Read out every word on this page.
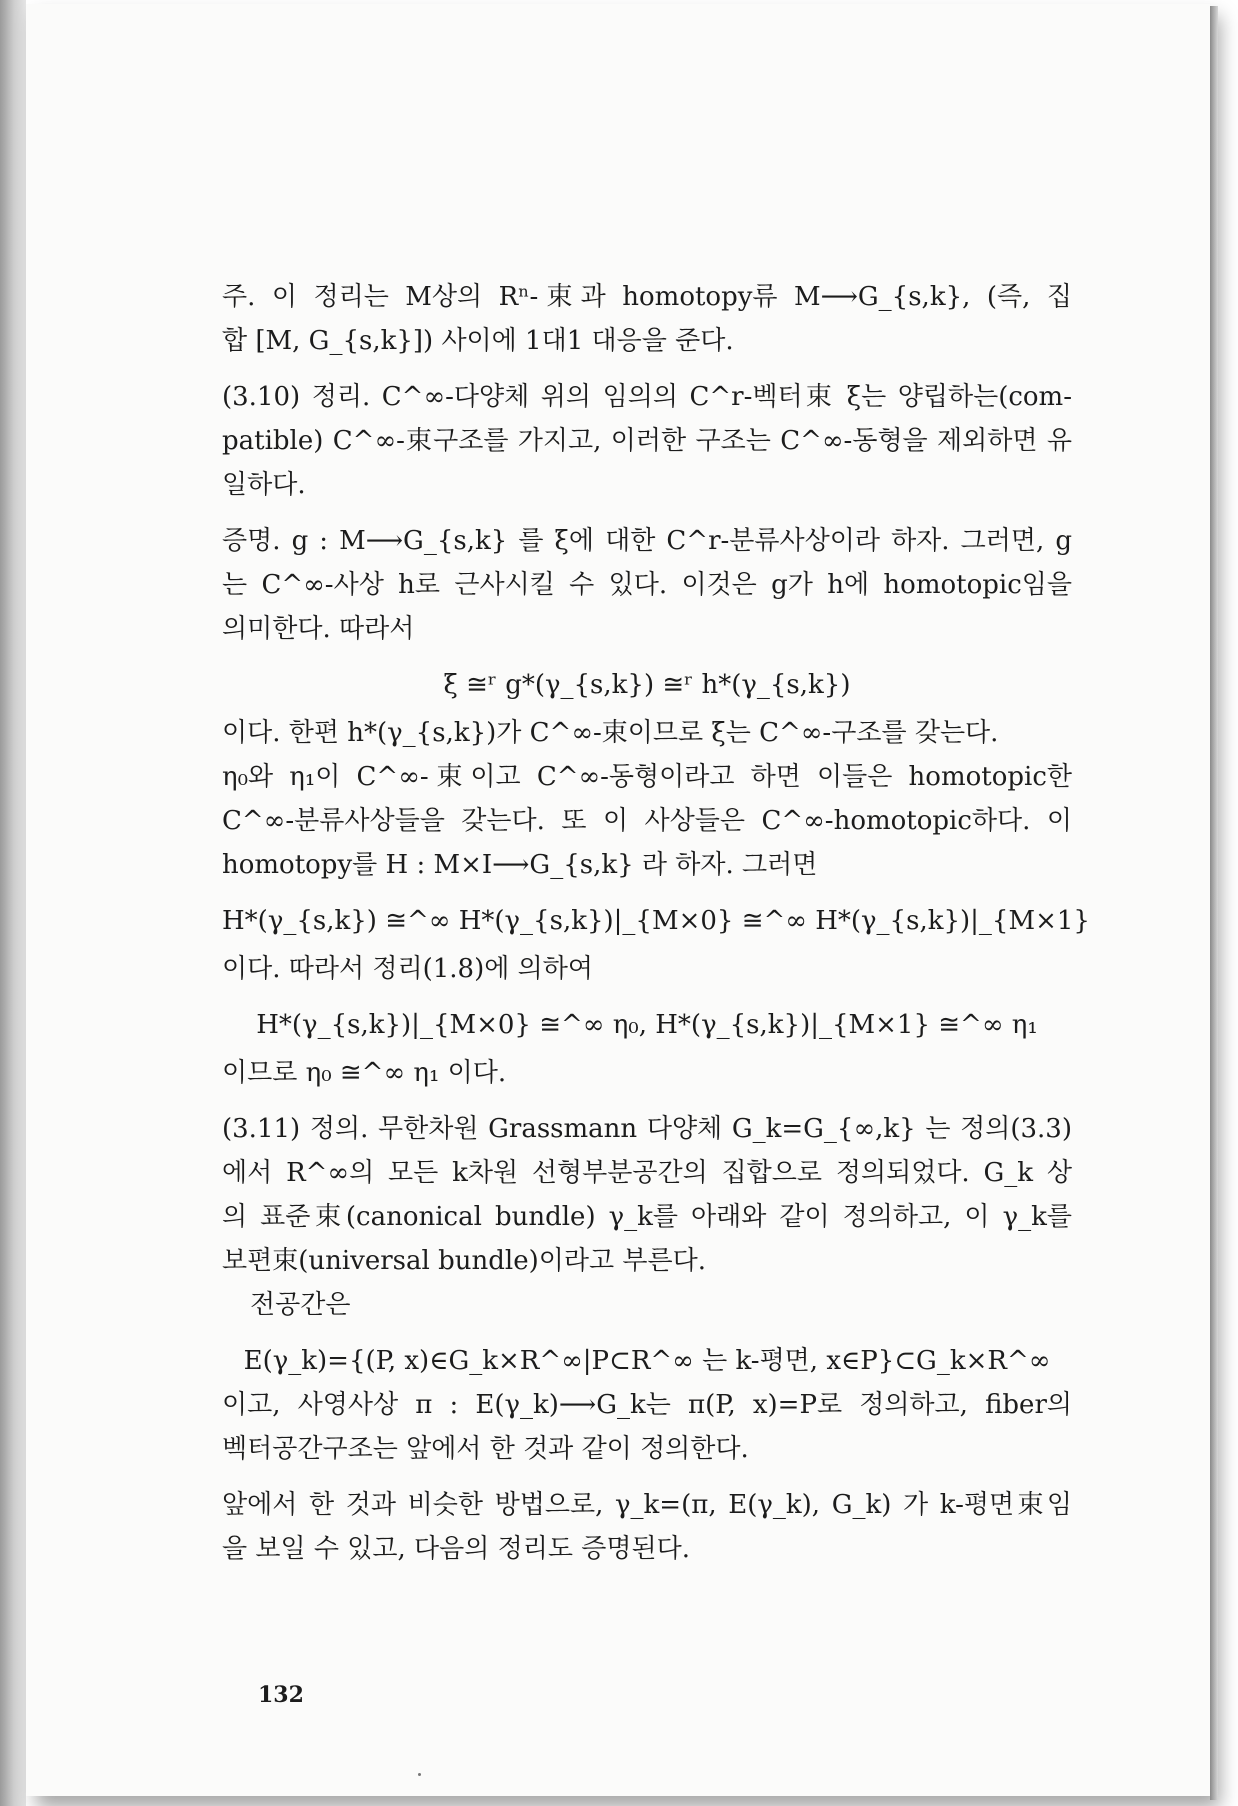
주. 이 정리는 M상의 Rⁿ-束과 homotopy류 M⟶G_{s,k}, (즉, 집
합 [M, G_{s,k}]) 사이에 1대1 대응을 준다.
(3.10) 정리. C^∞-다양체 위의 임의의 C^r-벡터束 ξ는 양립하는(com-
patible) C^∞-束구조를 가지고, 이러한 구조는 C^∞-동형을 제외하면 유
일하다.
증명. g : M⟶G_{s,k} 를 ξ에 대한 C^r-분류사상이라 하자. 그러면, g
는 C^∞-사상 h로 근사시킬 수 있다. 이것은 g가 h에 homotopic임을
의미한다. 따라서
ξ ≅ʳ g*(γ_{s,k}) ≅ʳ h*(γ_{s,k})
이다. 한편 h*(γ_{s,k})가 C^∞-束이므로 ξ는 C^∞-구조를 갖는다.
η₀와 η₁이 C^∞-束이고 C^∞-동형이라고 하면 이들은 homotopic한
C^∞-분류사상들을 갖는다. 또 이 사상들은 C^∞-homotopic하다. 이
homotopy를 H : M×I⟶G_{s,k} 라 하자. 그러면
H*(γ_{s,k}) ≅^∞ H*(γ_{s,k})|_{M×0} ≅^∞ H*(γ_{s,k})|_{M×1}
이다. 따라서 정리(1.8)에 의하여
H*(γ_{s,k})|_{M×0} ≅^∞ η₀, H*(γ_{s,k})|_{M×1} ≅^∞ η₁
이므로 η₀ ≅^∞ η₁ 이다.
(3.11) 정의. 무한차원 Grassmann 다양체 G_k=G_{∞,k} 는 정의(3.3)
에서 R^∞의 모든 k차원 선형부분공간의 집합으로 정의되었다. G_k 상
의 표준束(canonical bundle) γ_k를 아래와 같이 정의하고, 이 γ_k를
보편束(universal bundle)이라고 부른다.
전공간은
E(γ_k)={(P, x)∈G_k×R^∞|P⊂R^∞ 는 k-평면, x∈P}⊂G_k×R^∞
이고, 사영사상 π : E(γ_k)⟶G_k는 π(P, x)=P로 정의하고, fiber의
벡터공간구조는 앞에서 한 것과 같이 정의한다.
앞에서 한 것과 비슷한 방법으로, γ_k=(π, E(γ_k), G_k) 가 k-평면束임
을 보일 수 있고, 다음의 정리도 증명된다.
132
